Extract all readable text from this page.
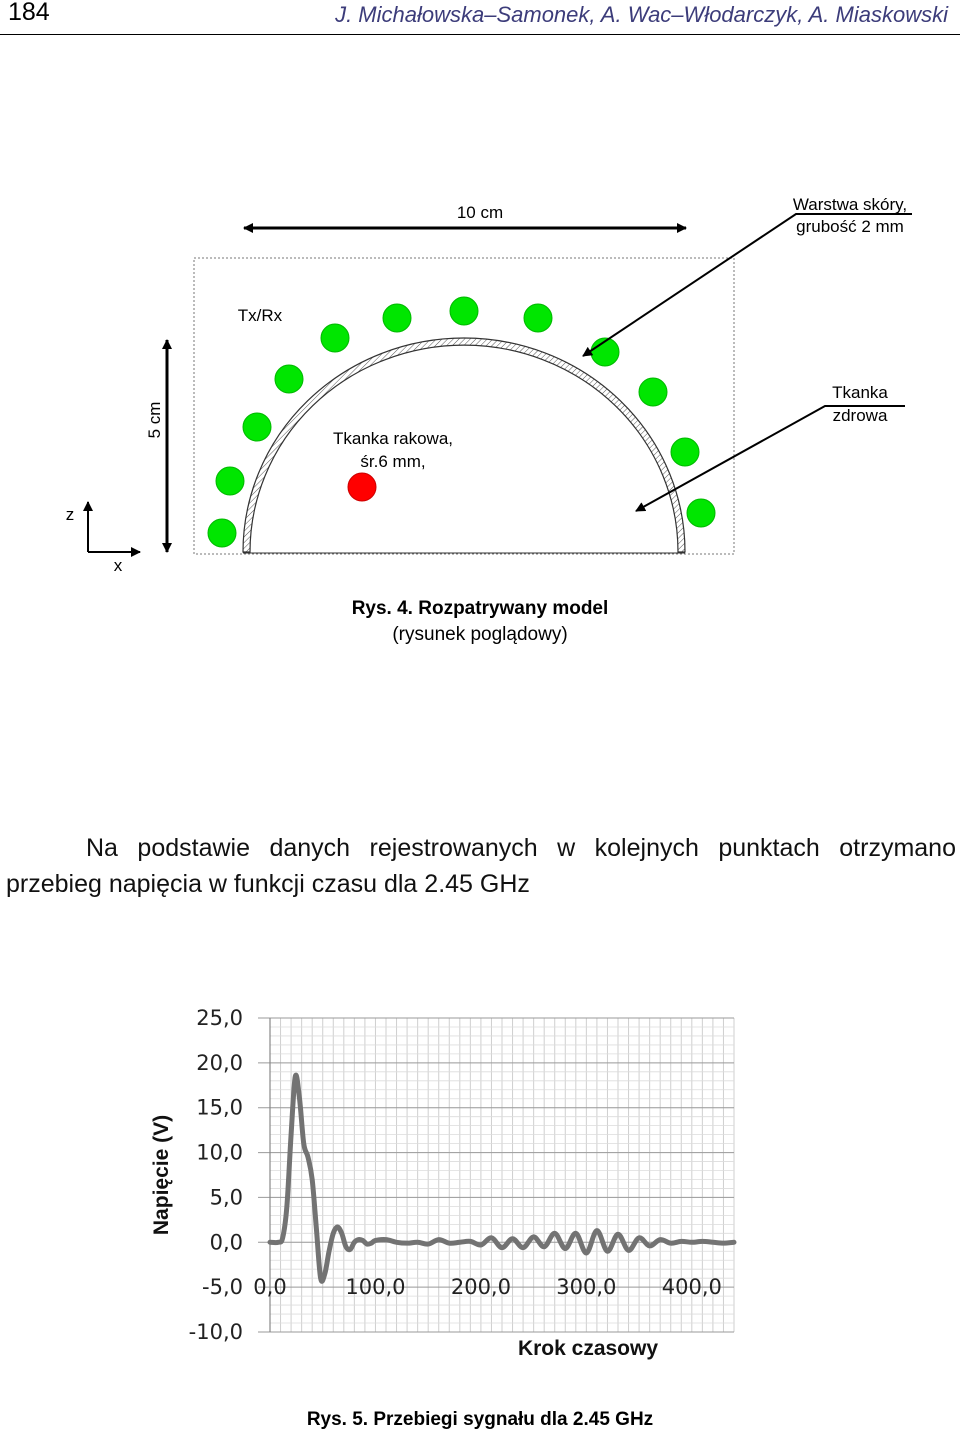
184	J. Michałowska–Samonek, A. Wac–Włodarczyk, A. Miaskowski
10 cm
5 cm
Tx/Rx
Tkanka rakowa,
śr.6 mm,
Warstwa skóry,
grubość 2 mm
Tkanka
zdrowa
z
x
Rys. 4. Rozpatrywany model
(rysunek poglądowy)
Na podstawie danych rejestrowanych w kolejnych punktach otrzymano
przebieg napięcia w funkcji czasu dla 2.45 GHz
25,0
20,0
15,0
10,0
5,0
0,0
-5,0
-10,0
0,0	100,0 200,0 300,0 400,0
Napięcie (V)
Krok czasowy
Rys. 5. Przebiegi sygnału dla 2.45 GHz
